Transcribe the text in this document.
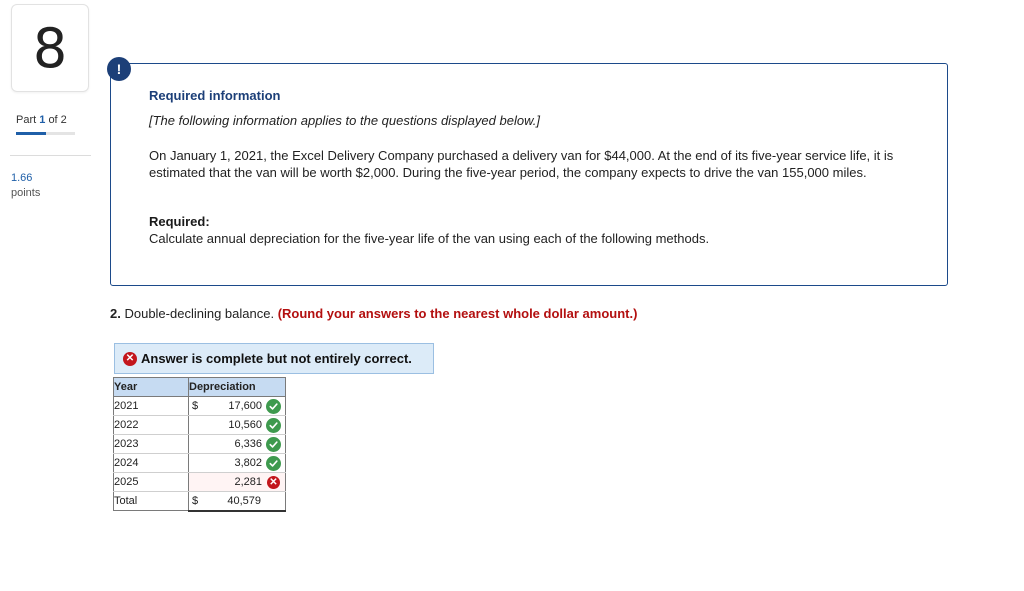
8
Part 1 of 2
1.66
points
Required information
[The following information applies to the questions displayed below.]
On January 1, 2021, the Excel Delivery Company purchased a delivery van for $44,000. At the end of its five-year service life, it is estimated that the van will be worth $2,000. During the five-year period, the company expects to drive the van 155,000 miles.
Required:
Calculate annual depreciation for the five-year life of the van using each of the following methods.
!
2. Double-declining balance. (Round your answers to the nearest whole dollar amount.)
✕ Answer is complete but not entirely correct.
Year	Depreciation
2021	$ 17,600

2022	10,560

2023	6,336

2024	3,802

2025	2,281 ✕

Total	$ 40,579
